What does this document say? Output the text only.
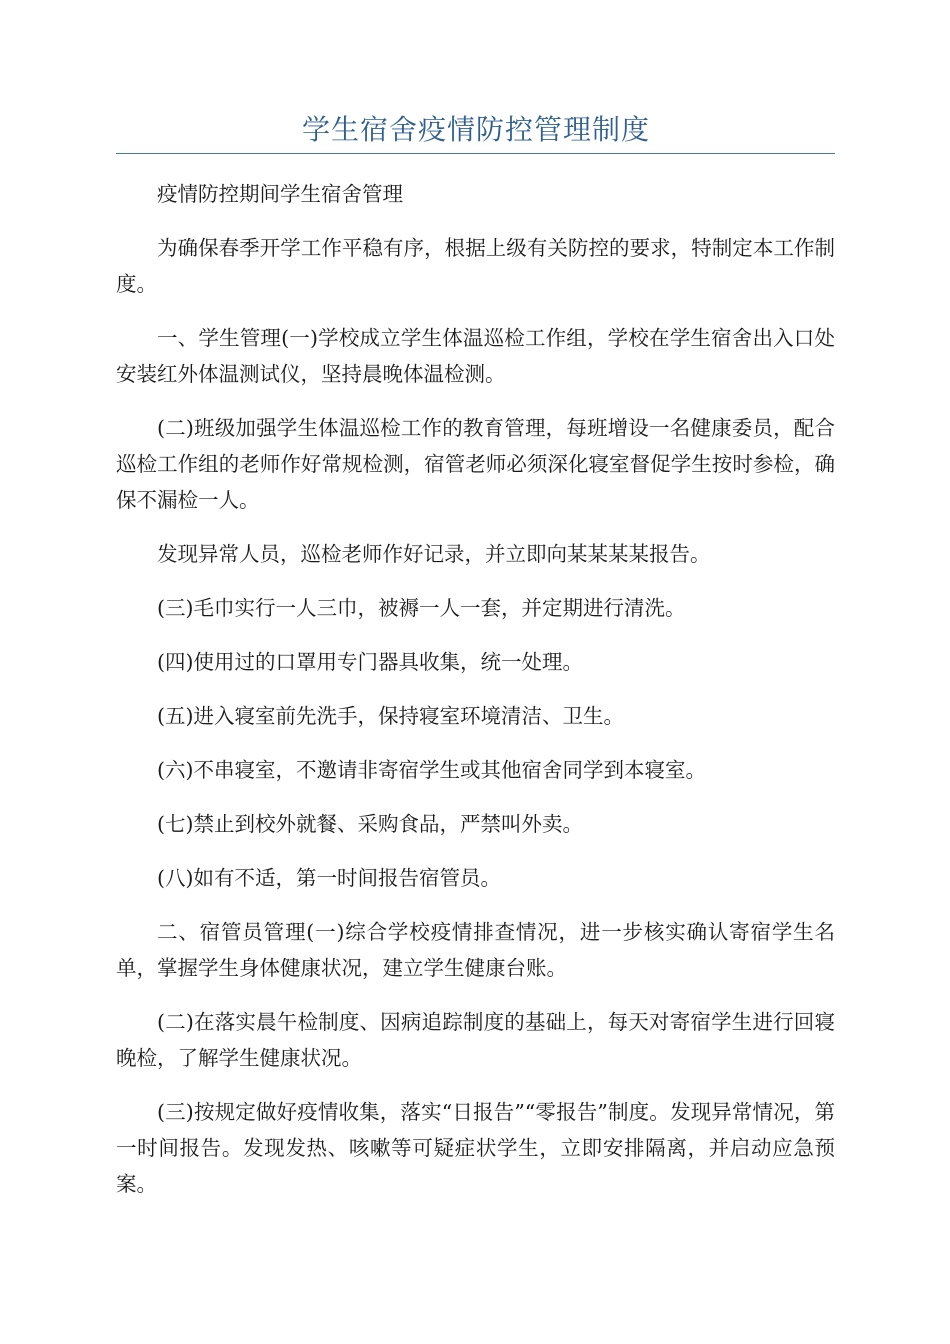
学生宿舍疫情防控管理制度

疫情防控期间学生宿舍管理

为确保春季开学工作平稳有序，根据上级有关防控的要求，特制定本工作制度。

一、学生管理(一)学校成立学生体温巡检工作组，学校在学生宿舍出入口处安装红外体温测试仪，坚持晨晚体温检测。

(二)班级加强学生体温巡检工作的教育管理，每班增设一名健康委员，配合巡检工作组的老师作好常规检测，宿管老师必须深化寝室督促学生按时参检，确保不漏检一人。

发现异常人员，巡检老师作好记录，并立即向某某某某报告。

(三)毛巾实行一人三巾，被褥一人一套，并定期进行清洗。

(四)使用过的口罩用专门器具收集，统一处理。

(五)进入寝室前先洗手，保持寝室环境清洁、卫生。

(六)不串寝室，不邀请非寄宿学生或其他宿舍同学到本寝室。

(七)禁止到校外就餐、采购食品，严禁叫外卖。

(八)如有不适，第一时间报告宿管员。

二、宿管员管理(一)综合学校疫情排查情况，进一步核实确认寄宿学生名单，掌握学生身体健康状况，建立学生健康台账。

(二)在落实晨午检制度、因病追踪制度的基础上，每天对寄宿学生进行回寝晚检，了解学生健康状况。

(三)按规定做好疫情收集，落实“日报告”“零报告”制度。发现异常情况，第一时间报告。发现发热、咳嗽等可疑症状学生，立即安排隔离，并启动应急预案。
